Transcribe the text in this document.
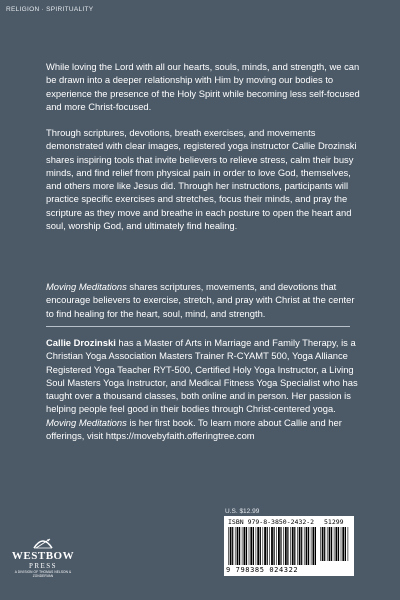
RELIGION · SPIRITUALITY

While loving the Lord with all our hearts, souls, minds, and strength, we can be drawn into a deeper relationship with Him by moving our bodies to experience the presence of the Holy Spirit while becoming less self-focused and more Christ-focused.

Through scriptures, devotions, breath exercises, and movements demonstrated with clear images, registered yoga instructor Callie Drozinski shares inspiring tools that invite believers to relieve stress, calm their busy minds, and find relief from physical pain in order to love God, themselves, and others more like Jesus did. Through her instructions, participants will practice specific exercises and stretches, focus their minds, and pray the scripture as they move and breathe in each posture to open the heart and soul, worship God, and ultimately find healing.

Moving Meditations shares scriptures, movements, and devotions that encourage believers to exercise, stretch, and pray with Christ at the center to find healing for the heart, soul, mind, and strength.

Callie Drozinski has a Master of Arts in Marriage and Family Therapy, is a Christian Yoga Association Masters Trainer R-CYAMT 500, Yoga Alliance Registered Yoga Teacher RYT-500, Certified Holy Yoga Instructor, a Living Soul Masters Yoga Instructor, and Medical Fitness Yoga Specialist who has taught over a thousand classes, both online and in person. Her passion is helping people feel good in their bodies through Christ-centered yoga. Moving Meditations is her first book. To learn more about Callie and her offerings, visit https://movebyfaith.offeringtree.com

U.S. $12.99
ISBN 979-8-3850-2432-2 51299
9 798385 024322
WESTBOW
PRESS
A DIVISION OF THOMAS NELSON & ZONDERVAN
